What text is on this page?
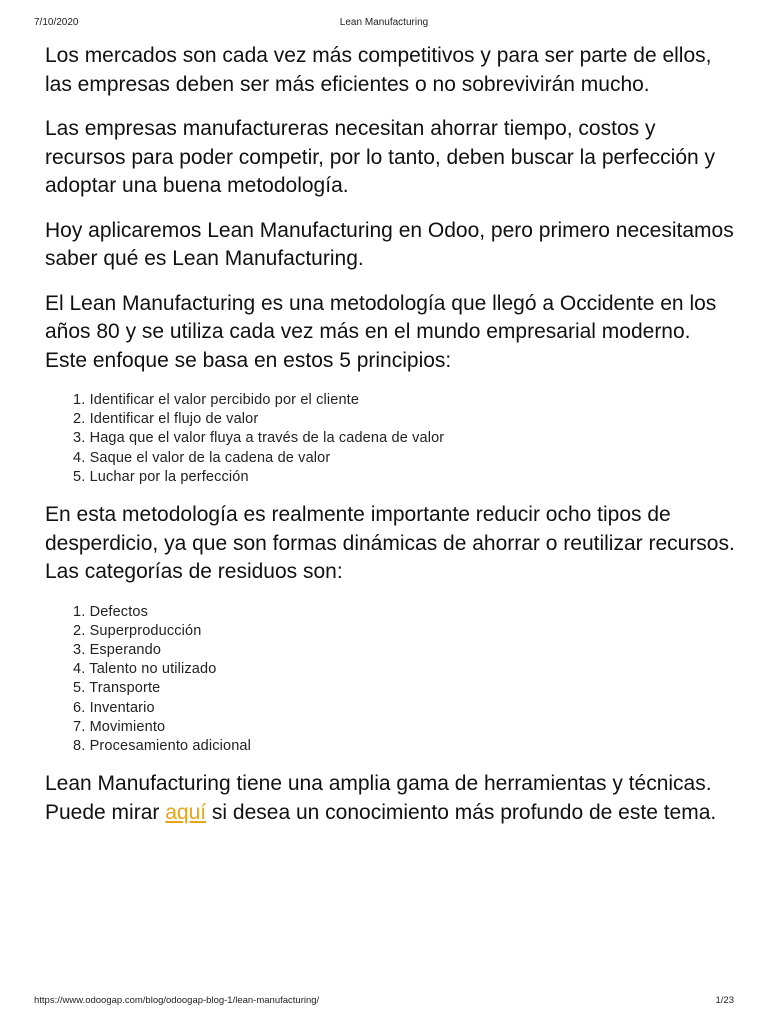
7/10/2020	Lean Manufacturing

Los mercados son cada vez más competitivos y para ser parte de ellos, las empresas deben ser más eficientes o no sobrevivirán mucho.

Las empresas manufactureras necesitan ahorrar tiempo, costos y recursos para poder competir, por lo tanto, deben buscar la perfección y adoptar una buena metodología.

Hoy aplicaremos Lean Manufacturing en Odoo, pero primero necesitamos saber qué es Lean Manufacturing.

El Lean Manufacturing es una metodología que llegó a Occidente en los años 80 y se utiliza cada vez más en el mundo empresarial moderno. Este enfoque se basa en estos 5 principios:

1. Identificar el valor percibido por el cliente
2. Identificar el flujo de valor
3. Haga que el valor fluya a través de la cadena de valor
4. Saque el valor de la cadena de valor
5. Luchar por la perfección

En esta metodología es realmente importante reducir ocho tipos de desperdicio, ya que son formas dinámicas de ahorrar o reutilizar recursos. Las categorías de residuos son:

1. Defectos
2. Superproducción
3. Esperando
4. Talento no utilizado
5. Transporte
6. Inventario
7. Movimiento
8. Procesamiento adicional

Lean Manufacturing tiene una amplia gama de herramientas y técnicas. Puede mirar aquí si desea un conocimiento más profundo de este tema.

https://www.odoogap.com/blog/odoogap-blog-1/lean-manufacturing/	1/23
